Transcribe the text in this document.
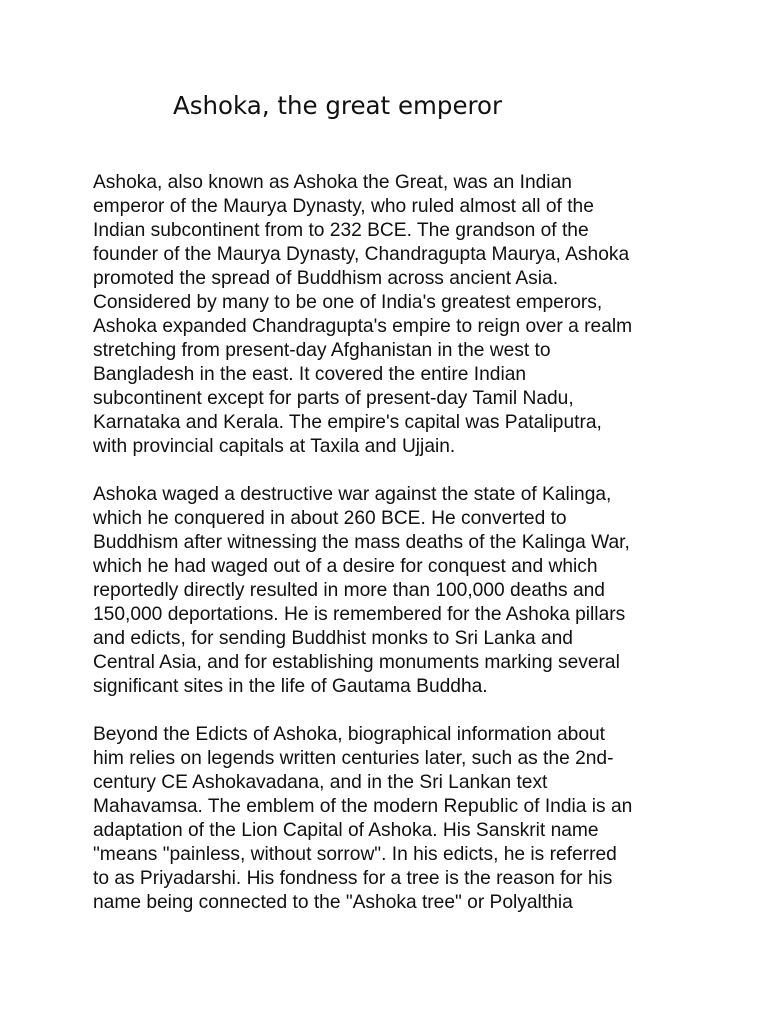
Ashoka, the great emperor

Ashoka, also known as Ashoka the Great, was an Indian
emperor of the Maurya Dynasty, who ruled almost all of the
Indian subcontinent from to 232 BCE. The grandson of the
founder of the Maurya Dynasty, Chandragupta Maurya, Ashoka
promoted the spread of Buddhism across ancient Asia.
Considered by many to be one of India's greatest emperors,
Ashoka expanded Chandragupta's empire to reign over a realm
stretching from present-day Afghanistan in the west to
Bangladesh in the east. It covered the entire Indian
subcontinent except for parts of present-day Tamil Nadu,
Karnataka and Kerala. The empire's capital was Pataliputra,
with provincial capitals at Taxila and Ujjain.

Ashoka waged a destructive war against the state of Kalinga,
which he conquered in about 260 BCE. He converted to
Buddhism after witnessing the mass deaths of the Kalinga War,
which he had waged out of a desire for conquest and which
reportedly directly resulted in more than 100,000 deaths and
150,000 deportations. He is remembered for the Ashoka pillars
and edicts, for sending Buddhist monks to Sri Lanka and
Central Asia, and for establishing monuments marking several
significant sites in the life of Gautama Buddha.

Beyond the Edicts of Ashoka, biographical information about
him relies on legends written centuries later, such as the 2nd-
century CE Ashokavadana, and in the Sri Lankan text
Mahavamsa. The emblem of the modern Republic of India is an
adaptation of the Lion Capital of Ashoka. His Sanskrit name
"means "painless, without sorrow". In his edicts, he is referred
to as Priyadarshi. His fondness for a tree is the reason for his
name being connected to the "Ashoka tree" or Polyalthia
